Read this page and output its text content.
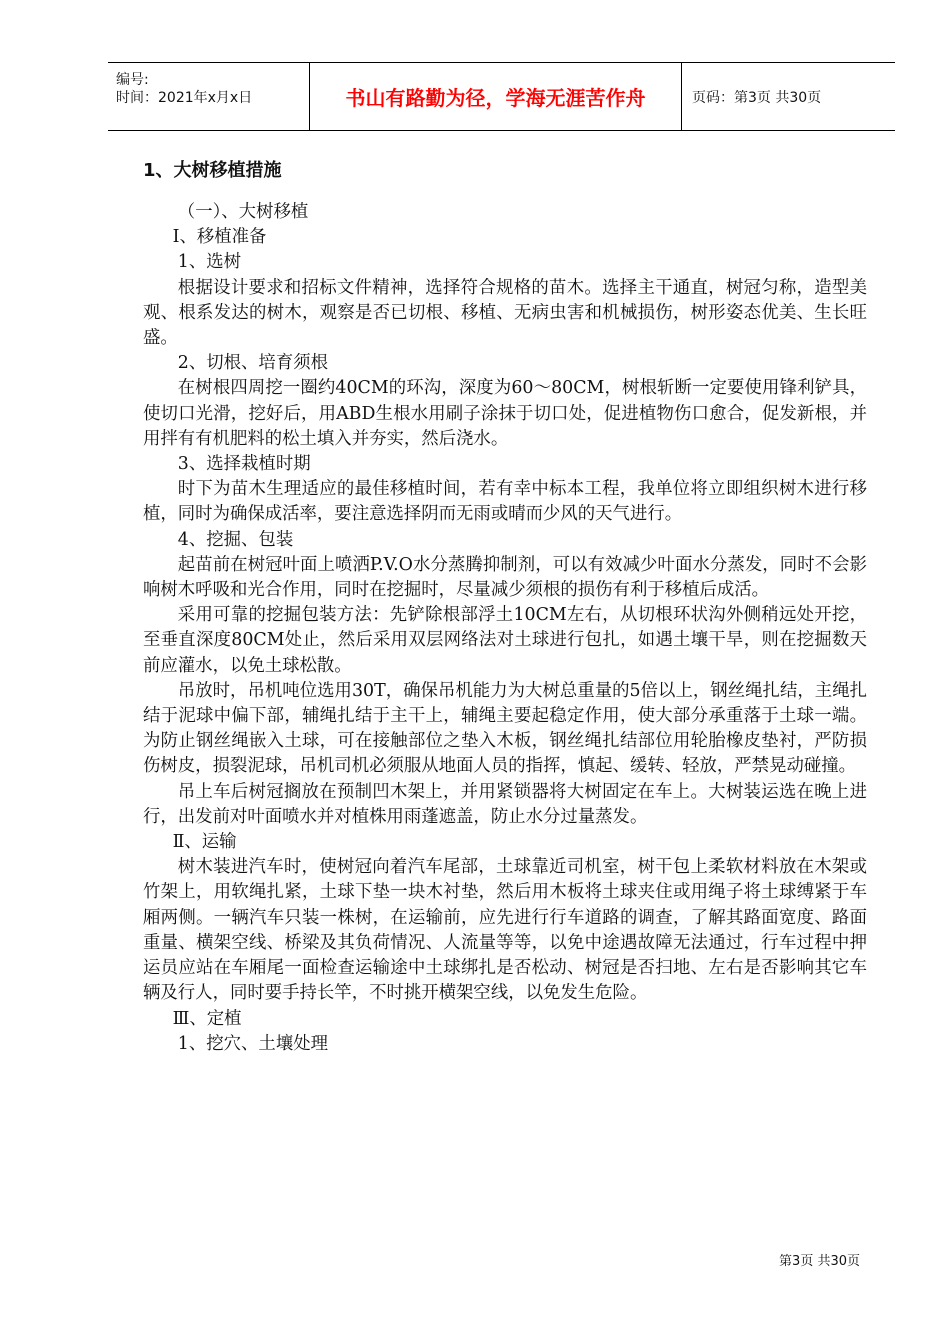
编号:
时间：2021年x月x日	书山有路勤为径，学海无涯苦作舟	页码：第3页 共30页
1、大树移植措施

（一）、大树移植

Ⅰ、移植准备

1、选树

根据设计要求和招标文件精神，选择符合规格的苗木。选择主干通直，树冠匀称，造型美观、根系发达的树木，观察是否已切根、移植、无病虫害和机械损伤，树形姿态优美、生长旺盛。

2、切根、培育须根

在树根四周挖一圈约40CM的环沟，深度为60～80CM，树根斩断一定要使用锋利铲具，使切口光滑，挖好后，用ABD生根水用刷子涂抹于切口处，促进植物伤口愈合，促发新根，并用拌有有机肥料的松土填入并夯实，然后浇水。

3、选择栽植时期

时下为苗木生理适应的最佳移植时间，若有幸中标本工程，我单位将立即组织树木进行移植，同时为确保成活率，要注意选择阴而无雨或晴而少风的天气进行。

4、挖掘、包装

起苗前在树冠叶面上喷洒P.V.O水分蒸腾抑制剂，可以有效减少叶面水分蒸发，同时不会影响树木呼吸和光合作用，同时在挖掘时，尽量减少须根的损伤有利于移植后成活。

采用可靠的挖掘包装方法：先铲除根部浮土10CM左右，从切根环状沟外侧稍远处开挖，至垂直深度80CM处止，然后采用双层网络法对土球进行包扎，如遇土壤干旱，则在挖掘数天前应灌水，以免土球松散。

吊放时，吊机吨位选用30T，确保吊机能力为大树总重量的5倍以上，钢丝绳扎结，主绳扎结于泥球中偏下部，辅绳扎结于主干上，辅绳主要起稳定作用，使大部分承重落于土球一端。为防止钢丝绳嵌入土球，可在接触部位之垫入木板，钢丝绳扎结部位用轮胎橡皮垫衬，严防损伤树皮，损裂泥球，吊机司机必须服从地面人员的指挥，慎起、缓转、轻放，严禁晃动碰撞。

吊上车后树冠搁放在预制凹木架上，并用紧锁器将大树固定在车上。大树装运选在晚上进行，出发前对叶面喷水并对植株用雨蓬遮盖，防止水分过量蒸发。

Ⅱ、运输

树木装进汽车时，使树冠向着汽车尾部，土球靠近司机室，树干包上柔软材料放在木架或竹架上，用软绳扎紧，土球下垫一块木衬垫，然后用木板将土球夹住或用绳子将土球缚紧于车厢两侧。一辆汽车只装一株树，在运输前，应先进行行车道路的调查，了解其路面宽度、路面重量、横架空线、桥梁及其负荷情况、人流量等等，以免中途遇故障无法通过，行车过程中押运员应站在车厢尾一面检查运输途中土球绑扎是否松动、树冠是否扫地、左右是否影响其它车辆及行人，同时要手持长竿，不时挑开横架空线，以免发生危险。

Ⅲ、定植

1、挖穴、土壤处理

第3页 共30页
